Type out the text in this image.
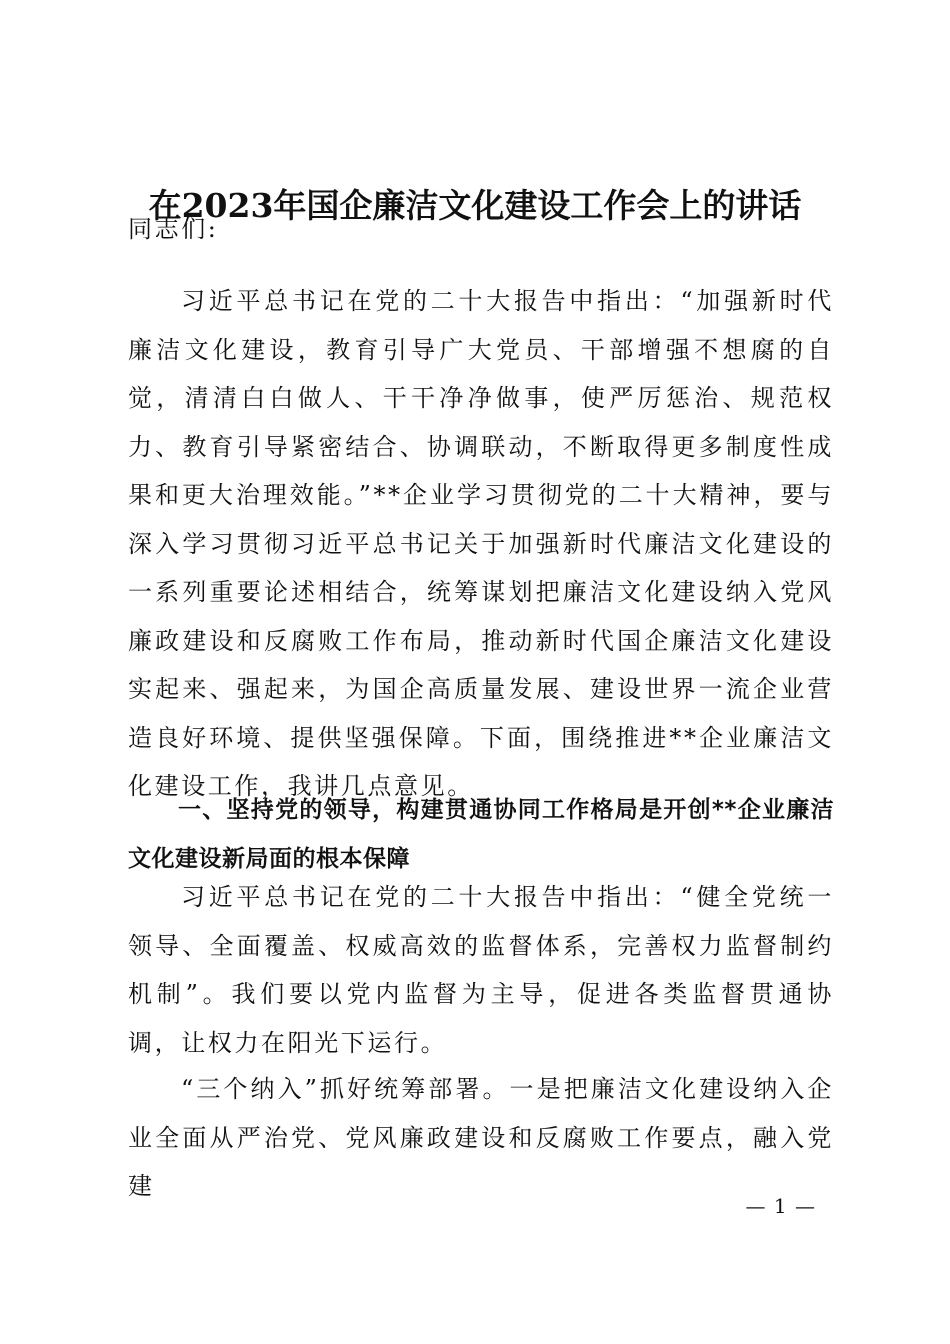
在2023年国企廉洁文化建设工作会上的讲话

同志们:

习近平总书记在党的二十大报告中指出：“加强新时代廉洁文化建设，教育引导广大党员、干部增强不想腐的自觉，清清白白做人、干干净净做事，使严厉惩治、规范权力、教育引导紧密结合、协调联动，不断取得更多制度性成果和更大治理效能。”**企业学习贯彻党的二十大精神，要与深入学习贯彻习近平总书记关于加强新时代廉洁文化建设的一系列重要论述相结合，统筹谋划把廉洁文化建设纳入党风廉政建设和反腐败工作布局，推动新时代国企廉洁文化建设实起来、强起来，为国企高质量发展、建设世界一流企业营造良好环境、提供坚强保障。下面，围绕推进**企业廉洁文化建设工作，我讲几点意见。

一、坚持党的领导，构建贯通协同工作格局是开创**企业廉洁文化建设新局面的根本保障

习近平总书记在党的二十大报告中指出：“健全党统一领导、全面覆盖、权威高效的监督体系，完善权力监督制约机制”。我们要以党内监督为主导，促进各类监督贯通协调，让权力在阳光下运行。

“三个纳入”抓好统筹部署。一是把廉洁文化建设纳入企业全面从严治党、党风廉政建设和反腐败工作要点，融入党建

— 1 —
